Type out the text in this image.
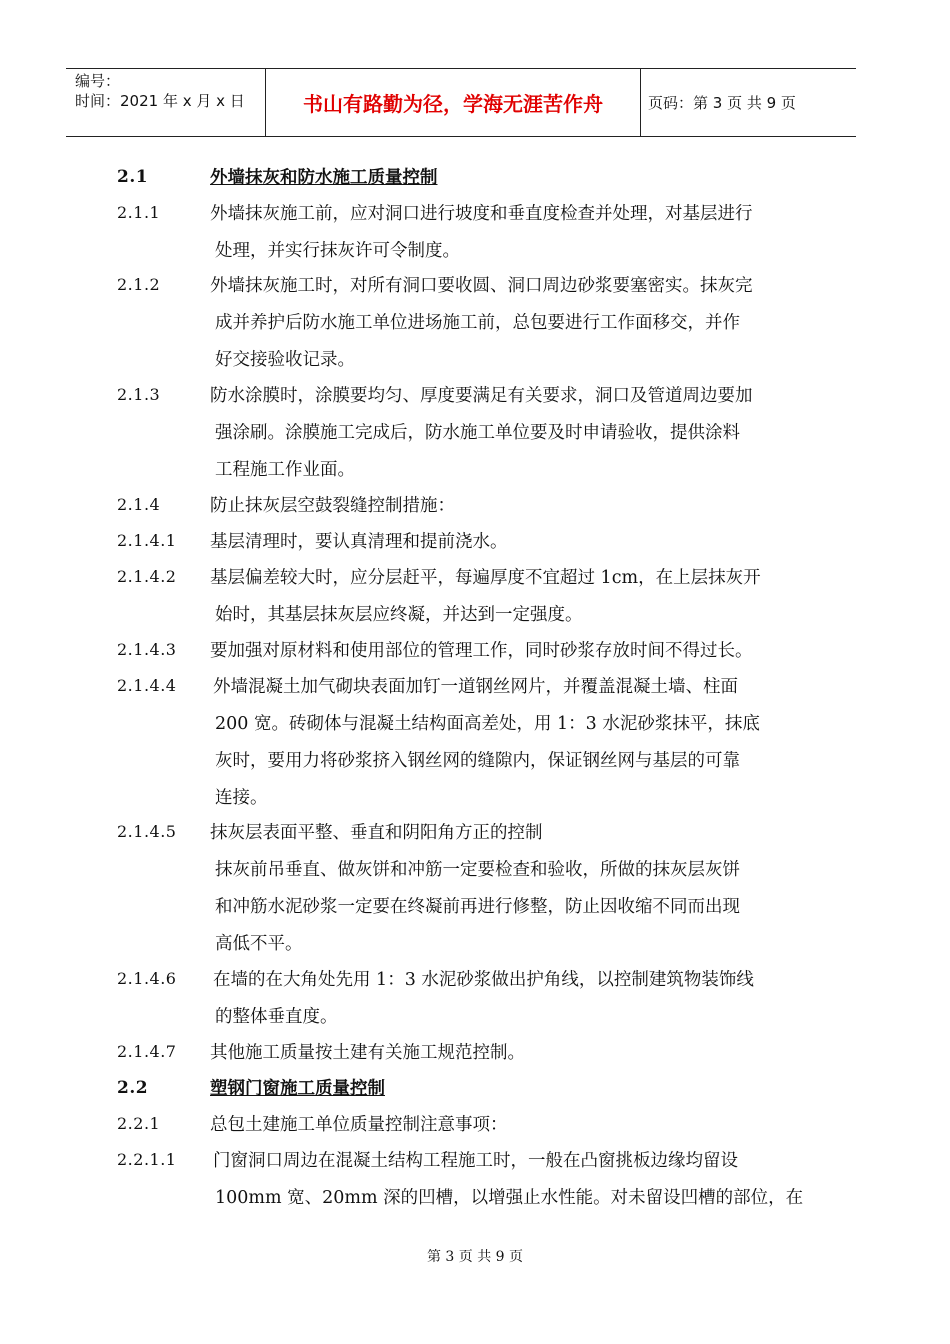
编号：
时间：2021 年 x 月 x 日	书山有路勤为径，学海无涯苦作舟	页码：第 3 页 共 9 页
2.1	外墙抹灰和防水施工质量控制
2.1.1	外墙抹灰施工前，应对洞口进行坡度和垂直度检查并处理，对基层进行
处理，并实行抹灰许可令制度。
2.1.2	外墙抹灰施工时，对所有洞口要收圆、洞口周边砂浆要塞密实。抹灰完
成并养护后防水施工单位进场施工前，总包要进行工作面移交，并作
好交接验收记录。
2.1.3	防水涂膜时，涂膜要均匀、厚度要满足有关要求，洞口及管道周边要加
强涂刷。涂膜施工完成后，防水施工单位要及时申请验收，提供涂料
工程施工作业面。
2.1.4	防止抹灰层空鼓裂缝控制措施：
2.1.4.1 基层清理时，要认真清理和提前浇水。
2.1.4.2 基层偏差较大时，应分层赶平，每遍厚度不宜超过 1cm，在上层抹灰开
始时，其基层抹灰层应终凝，并达到一定强度。
2.1.4.3 要加强对原材料和使用部位的管理工作，同时砂浆存放时间不得过长。
2.1.4.4 外墙混凝土加气砌块表面加钉一道钢丝网片，并覆盖混凝土墙、柱面
200 宽。砖砌体与混凝土结构面高差处，用 1：3 水泥砂浆抹平，抹底
灰时，要用力将砂浆挤入钢丝网的缝隙内，保证钢丝网与基层的可靠
连接。
2.1.4.5 抹灰层表面平整、垂直和阴阳角方正的控制
抹灰前吊垂直、做灰饼和冲筋一定要检查和验收，所做的抹灰层灰饼
和冲筋水泥砂浆一定要在终凝前再进行修整，防止因收缩不同而出现
高低不平。
2.1.4.6 在墙的在大角处先用 1：3 水泥砂浆做出护角线，以控制建筑物装饰线
的整体垂直度。
2.1.4.7 其他施工质量按土建有关施工规范控制。
2.2	塑钢门窗施工质量控制
2.2.1	总包土建施工单位质量控制注意事项：
2.2.1.1 门窗洞口周边在混凝土结构工程施工时，一般在凸窗挑板边缘均留设
100mm 宽、20mm 深的凹槽，以增强止水性能。对未留设凹槽的部位，在
第 3 页 共 9 页
